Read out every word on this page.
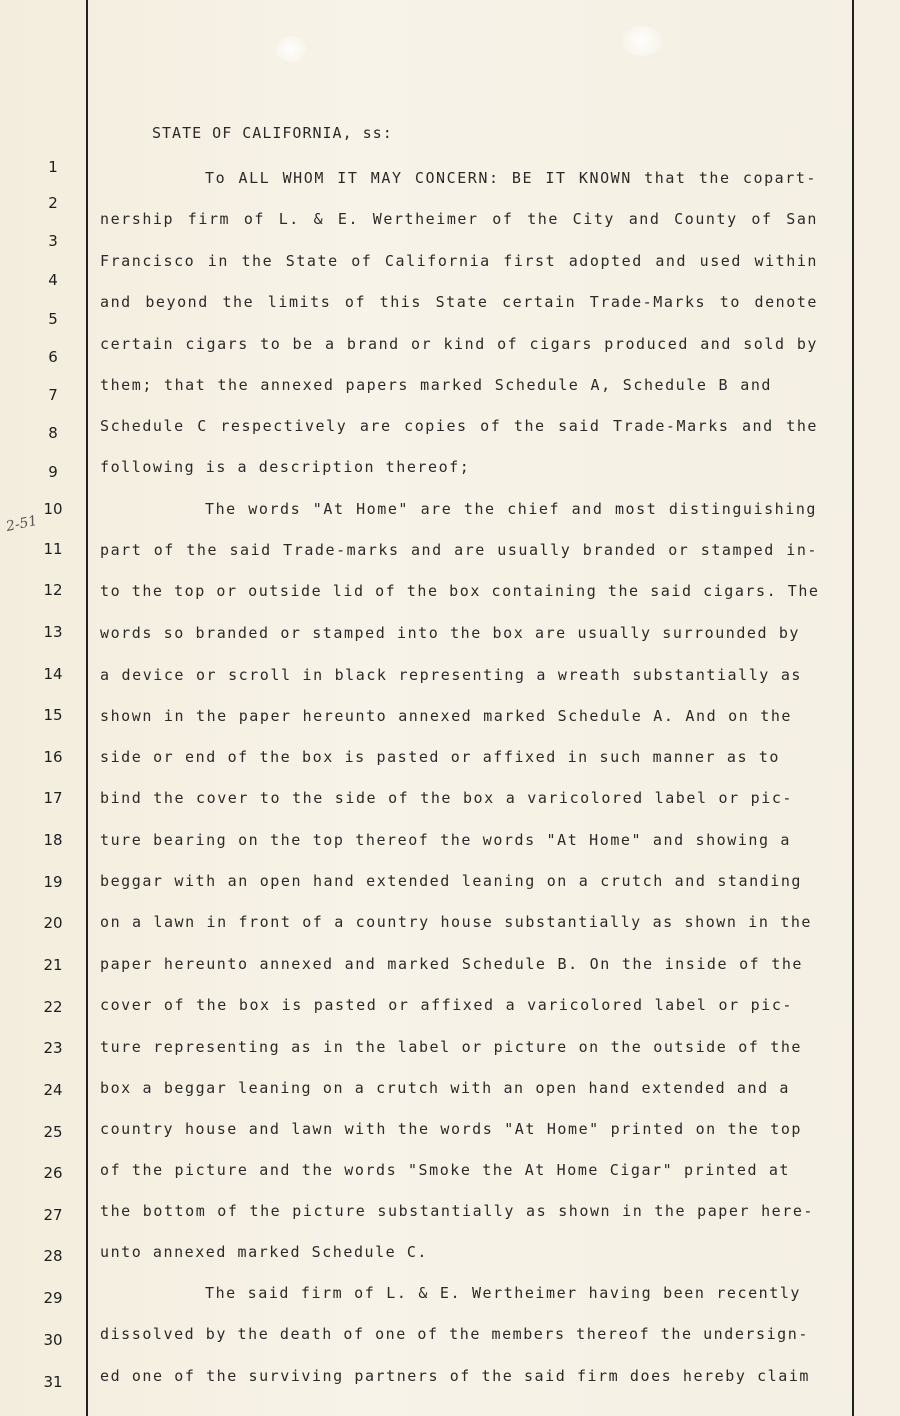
STATE OF CALIFORNIA, ss:
1
2
3
4
5
6
7
8
9
10
11
12
13
14
15
16
17
18
19
20
21
22
23
24
25
26
27
28
29
30
31
2-51
To ALL WHOM IT MAY CONCERN: BE IT KNOWN that the copart-
nership firm of L. & E. Wertheimer of the City and County of San
Francisco in the State of California first adopted and used within
and beyond the limits of this State certain Trade-Marks to denote
certain cigars to be a brand or kind of cigars produced and sold by
them; that the annexed papers marked Schedule A, Schedule B and
Schedule C respectively are copies of the said Trade-Marks and the
following is a description thereof;
The words "At Home" are the chief and most distinguishing
part of the said Trade-marks and are usually branded or stamped in-
to the top or outside lid of the box containing the said cigars. The
words so branded or stamped into the box are usually surrounded by
a device or scroll in black representing a wreath substantially as
shown in the paper hereunto annexed marked Schedule A. And on the
side or end of the box is pasted or affixed in such manner as to
bind the cover to the side of the box a varicolored label or pic-
ture bearing on the top thereof the words "At Home" and showing a
beggar with an open hand extended leaning on a crutch and standing
on a lawn in front of a country house substantially as shown in the
paper hereunto annexed and marked Schedule B. On the inside of the
cover of the box is pasted or affixed a varicolored label or pic-
ture representing as in the label or picture on the outside of the
box a beggar leaning on a crutch with an open hand extended and a
country house and lawn with the words "At Home" printed on the top
of the picture and the words "Smoke the At Home Cigar" printed at
the bottom of the picture substantially as shown in the paper here-
unto annexed marked Schedule C.
The said firm of L. & E. Wertheimer having been recently
dissolved by the death of one of the members thereof the undersign-
ed one of the surviving partners of the said firm does hereby claim
